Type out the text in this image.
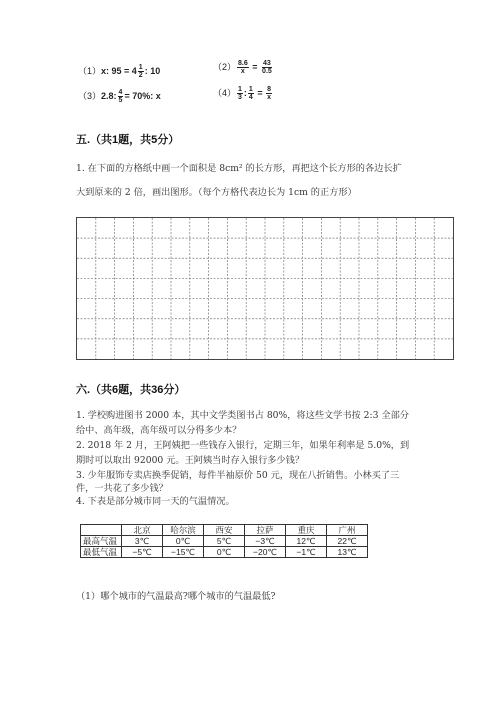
（1）x: $95 = 4 \frac{1}{2}$ : 10	$(2) \frac{8.6}{x} = \frac{43}{0.5}$
（3）2.8: $\frac{4}{5} = 70\%$: x	$(4) \frac{1}{3}$ : $\frac{1}{4} = \frac{8}{x}$
五.（共1题，共5分）
1. 在下面的方格纸中画一个面积是 8cm² 的长方形，再把这个长方形的各边长扩
大到原来的 2 倍，画出图形。（每个方格代表边长为 1cm 的正方形）
六.（共6题，共36分）
1. 学校购进图书 2000 本，其中文学类图书占 80%，将这些文学书按 2:3 全部分
给中、高年级，高年级可以分得多少本？
2. 2018 年 2 月，王阿姨把一些钱存入银行，定期三年，如果年利率是 5.0%，到
期时可以取出 92000 元。王阿姨当时存入银行多少钱？
3. 少年服饰专卖店换季促销，每件半袖原价 50 元，现在八折销售。小林买了三
件，一共花了多少钱？
4. 下表是部分城市同一天的气温情况。
	北京	哈尔滨	西安	拉萨	重庆	广州
最高气温	3℃	0℃	5℃	−3℃	12℃	22℃
最低气温	−5℃	−15℃	0℃	−20℃	−1℃	13℃
（1）哪个城市的气温最高?哪个城市的气温最低?
